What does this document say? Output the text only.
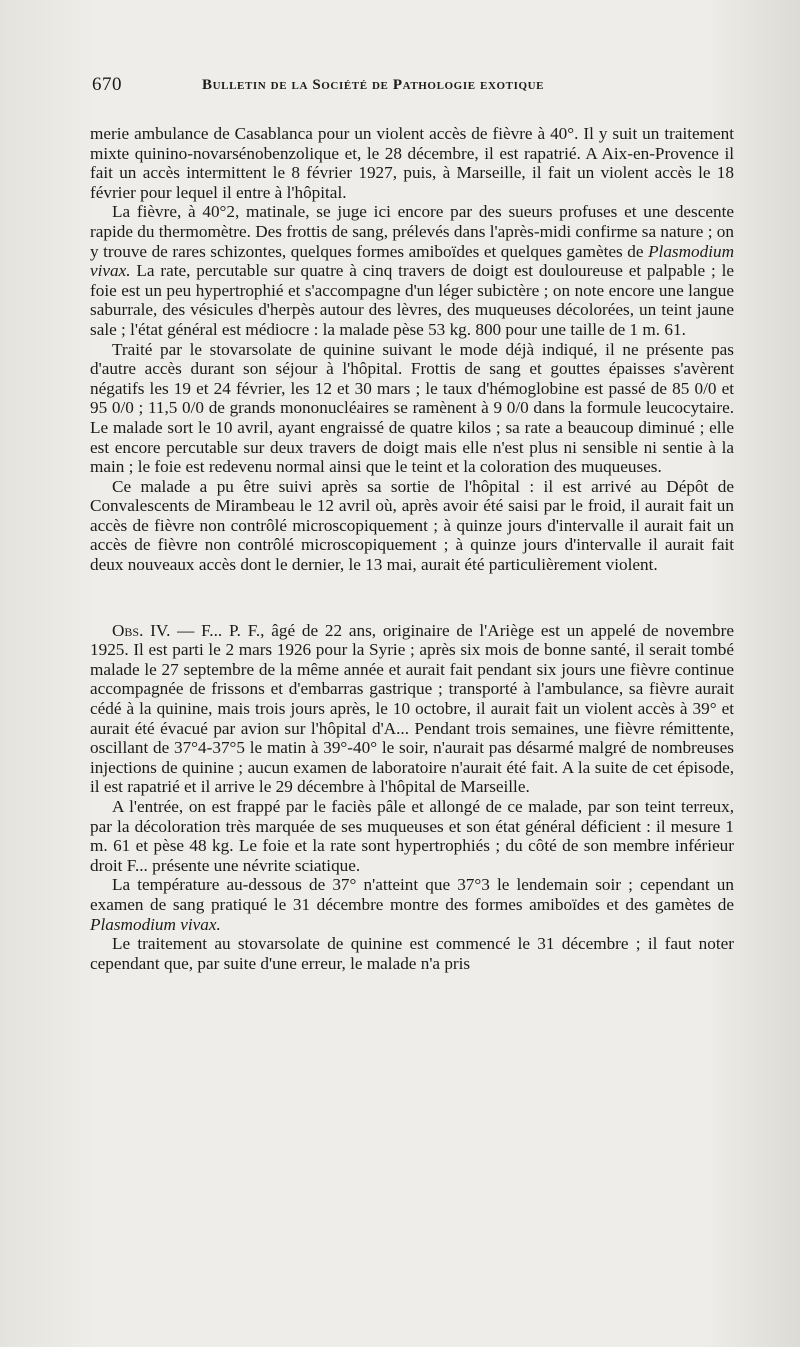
670	Bulletin de la Société de Pathologie exotique

merie ambulance de Casablanca pour un violent accès de fièvre à 40°. Il y suit un traitement mixte quinino-novarsénobenzolique et, le 28 décembre, il est rapatrié. A Aix-en-Provence il fait un accès intermittent le 8 février 1927, puis, à Marseille, il fait un violent accès le 18 février pour lequel il entre à l'hôpital.

La fièvre, à 40°2, matinale, se juge ici encore par des sueurs profuses et une descente rapide du thermomètre. Des frottis de sang, prélevés dans l'après-midi confirme sa nature ; on y trouve de rares schizontes, quelques formes amiboïdes et quelques gamètes de Plasmodium vivax. La rate, percutable sur quatre à cinq travers de doigt est douloureuse et palpable ; le foie est un peu hypertrophié et s'accompagne d'un léger subictère ; on note encore une langue saburrale, des vésicules d'herpès autour des lèvres, des muqueuses décolorées, un teint jaune sale ; l'état général est médiocre : la malade pèse 53 kg. 800 pour une taille de 1 m. 61.

Traité par le stovarsolate de quinine suivant le mode déjà indiqué, il ne présente pas d'autre accès durant son séjour à l'hôpital. Frottis de sang et gouttes épaisses s'avèrent négatifs les 19 et 24 février, les 12 et 30 mars ; le taux d'hémoglobine est passé de 85 0/0 et 95 0/0 ; 11,5 0/0 de grands mononucléaires se ramènent à 9 0/0 dans la formule leucocytaire. Le malade sort le 10 avril, ayant engraissé de quatre kilos ; sa rate a beaucoup diminué ; elle est encore percutable sur deux travers de doigt mais elle n'est plus ni sensible ni sentie à la main ; le foie est redevenu normal ainsi que le teint et la coloration des muqueuses.

Ce malade a pu être suivi après sa sortie de l'hôpital : il est arrivé au Dépôt de Convalescents de Mirambeau le 12 avril où, après avoir été saisi par le froid, il aurait fait un accès de fièvre non contrôlé microscopiquement ; à quinze jours d'intervalle il aurait fait un accès de fièvre non contrôlé microscopiquement ; à quinze jours d'intervalle il aurait fait deux nouveaux accès dont le dernier, le 13 mai, aurait été particulièrement violent.

Obs. IV. — F... P. F., âgé de 22 ans, originaire de l'Ariège est un appelé de novembre 1925. Il est parti le 2 mars 1926 pour la Syrie ; après six mois de bonne santé, il serait tombé malade le 27 septembre de la même année et aurait fait pendant six jours une fièvre continue accompagnée de frissons et d'embarras gastrique ; transporté à l'ambulance, sa fièvre aurait cédé à la quinine, mais trois jours après, le 10 octobre, il aurait fait un violent accès à 39° et aurait été évacué par avion sur l'hôpital d'A... Pendant trois semaines, une fièvre rémittente, oscillant de 37°4-37°5 le matin à 39°-40° le soir, n'aurait pas désarmé malgré de nombreuses injections de quinine ; aucun examen de laboratoire n'aurait été fait. A la suite de cet épisode, il est rapatrié et il arrive le 29 décembre à l'hôpital de Marseille.

A l'entrée, on est frappé par le faciès pâle et allongé de ce malade, par son teint terreux, par la décoloration très marquée de ses muqueuses et son état général déficient : il mesure 1 m. 61 et pèse 48 kg. Le foie et la rate sont hypertrophiés ; du côté de son membre inférieur droit F... présente une névrite sciatique.

La température au-dessous de 37° n'atteint que 37°3 le lendemain soir ; cependant un examen de sang pratiqué le 31 décembre montre des formes amiboïdes et des gamètes de Plasmodium vivax.

Le traitement au stovarsolate de quinine est commencé le 31 décembre ; il faut noter cependant que, par suite d'une erreur, le malade n'a pris
